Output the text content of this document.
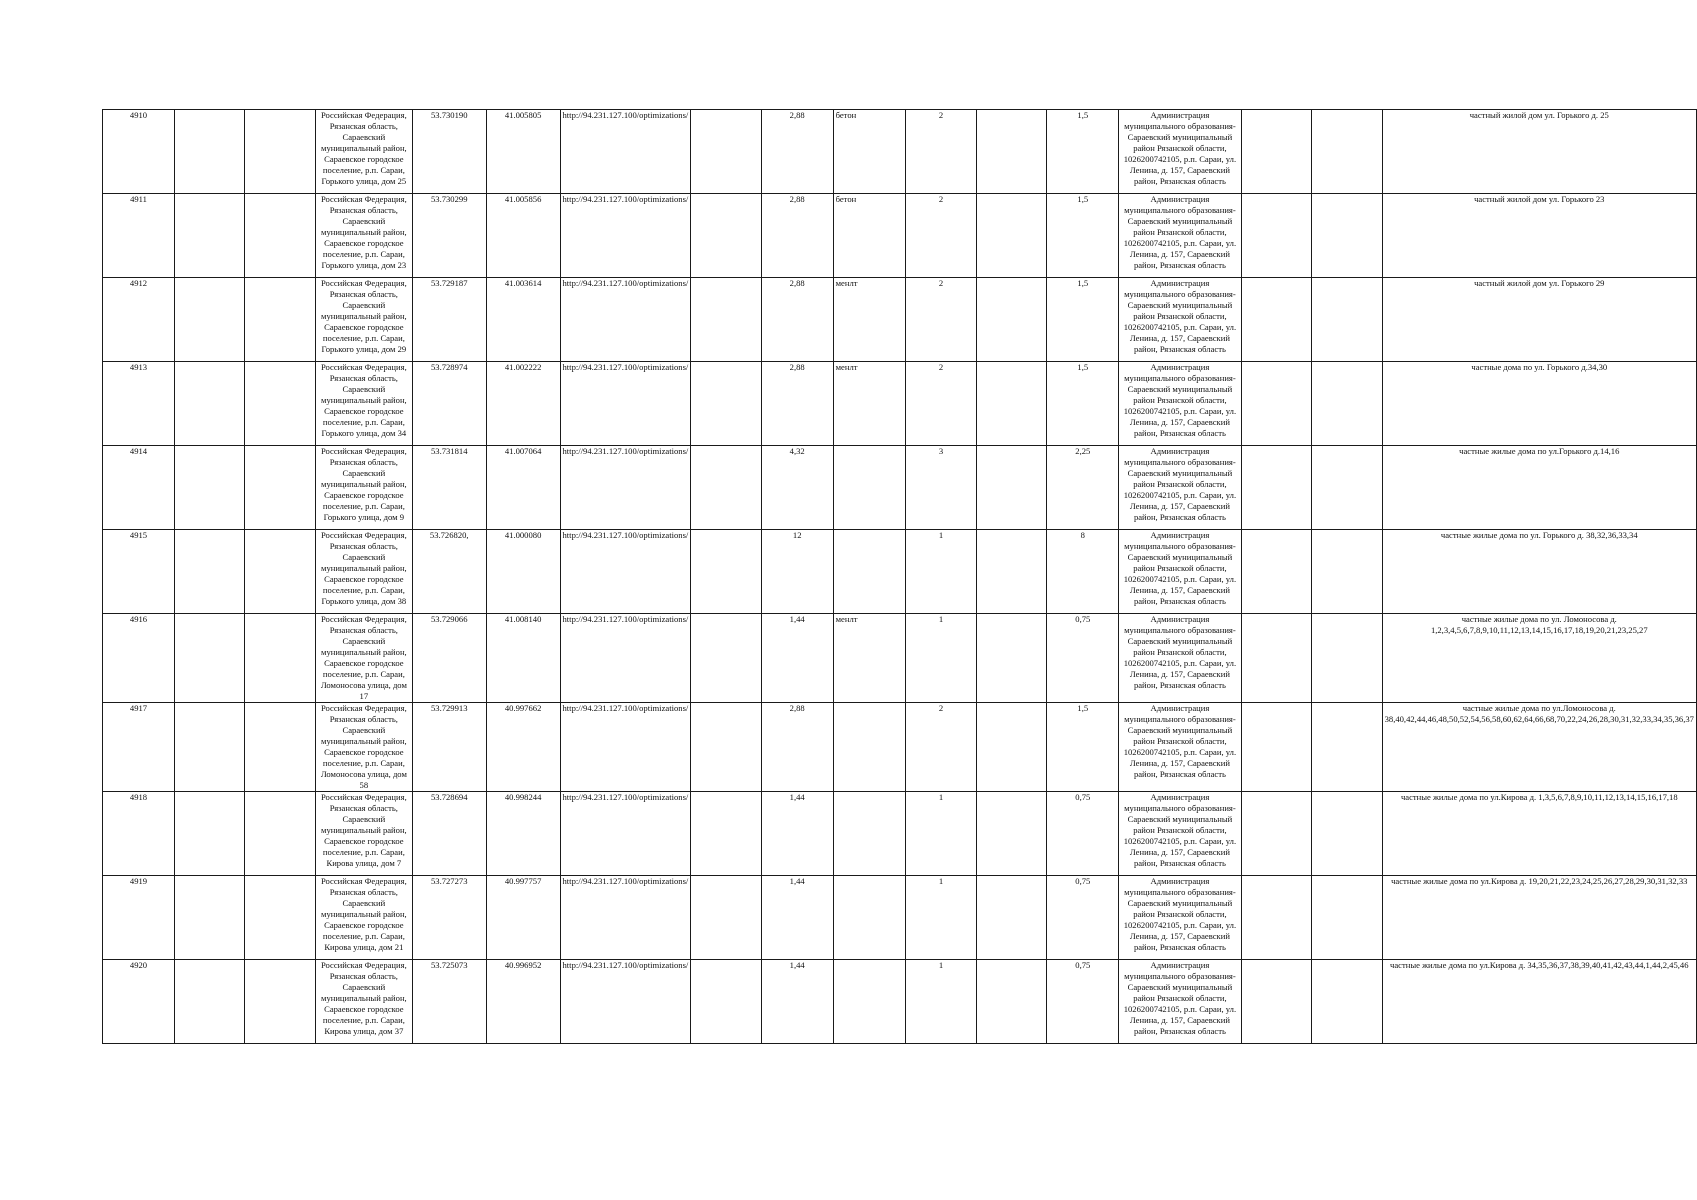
4910			Российская Федерация, Рязанская область, Сараевский муниципальный район, Сараевское городское поселение, р.п. Сараи, Горького улица, дом 25	53.730190	41.005805	http://94.231.127.100/optimizations/		2,88	бетон	2		1,5	Администрация муниципального образования-Сараевский муниципальный район Рязанской области, 1026200742105, р.п. Сараи, ул. Ленина, д. 157, Сараевский район, Рязанская область			частный жилой дом ул. Горького д. 25
4911			Российская Федерация, Рязанская область, Сараевский муниципальный район, Сараевское городское поселение, р.п. Сараи, Горького улица, дом 23	53.730299	41.005856	http://94.231.127.100/optimizations/		2,88	бетон	2		1,5	Администрация муниципального образования-Сараевский муниципальный район Рязанской области, 1026200742105, р.п. Сараи, ул. Ленина, д. 157, Сараевский район, Рязанская область			частный жилой дом ул. Горького 23
4912			Российская Федерация, Рязанская область, Сараевский муниципальный район, Сараевское городское поселение, р.п. Сараи, Горького улица, дом 29	53.729187	41.003614	http://94.231.127.100/optimizations/		2,88	менлт	2		1,5	Администрация муниципального образования-Сараевский муниципальный район Рязанской области, 1026200742105, р.п. Сараи, ул. Ленина, д. 157, Сараевский район, Рязанская область			частный жилой дом ул. Горького 29
4913			Российская Федерация, Рязанская область, Сараевский муниципальный район, Сараевское городское поселение, р.п. Сараи, Горького улица, дом 34	53.728974	41.002222	http://94.231.127.100/optimizations/		2,88	менлт	2		1,5	Администрация муниципального образования-Сараевский муниципальный район Рязанской области, 1026200742105, р.п. Сараи, ул. Ленина, д. 157, Сараевский район, Рязанская область			частные дома по ул. Горького д.34,30
4914			Российская Федерация, Рязанская область, Сараевский муниципальный район, Сараевское городское поселение, р.п. Сараи, Горького улица, дом 9	53.731814	41.007064	http://94.231.127.100/optimizations/		4,32		3		2,25	Администрация муниципального образования-Сараевский муниципальный район Рязанской области, 1026200742105, р.п. Сараи, ул. Ленина, д. 157, Сараевский район, Рязанская область			частные жилые дома по ул.Горького д.14,16
4915			Российская Федерация, Рязанская область, Сараевский муниципальный район, Сараевское городское поселение, р.п. Сараи, Горького улица, дом 38	53.726820,	41.000080	http://94.231.127.100/optimizations/		12		1		8	Администрация муниципального образования-Сараевский муниципальный район Рязанской области, 1026200742105, р.п. Сараи, ул. Ленина, д. 157, Сараевский район, Рязанская область			частные жилые дома по ул. Горького д. 38,32,36,33,34
4916			Российская Федерация, Рязанская область, Сараевский муниципальный район, Сараевское городское поселение, р.п. Сараи, Ломоносова улица, дом 17	53.729066	41.008140	http://94.231.127.100/optimizations/		1,44	менлт	1		0,75	Администрация муниципального образования-Сараевский муниципальный район Рязанской области, 1026200742105, р.п. Сараи, ул. Ленина, д. 157, Сараевский район, Рязанская область			частные жилые дома по ул. Ломоносова д. 1,2,3,4,5,6,7,8,9,10,11,12,13,14,15,16,17,18,19,20,21,23,25,27
4917			Российская Федерация, Рязанская область, Сараевский муниципальный район, Сараевское городское поселение, р.п. Сараи, Ломоносова улица, дом 58	53.729913	40.997662	http://94.231.127.100/optimizations/		2,88		2		1,5	Администрация муниципального образования-Сараевский муниципальный район Рязанской области, 1026200742105, р.п. Сараи, ул. Ленина, д. 157, Сараевский район, Рязанская область			частные жилые дома по ул.Ломоносова д. 38,40,42,44,46,48,50,52,54,56,58,60,62,64,66,68,70,22,24,26,28,30,31,32,33,34,35,36,37
4918			Российская Федерация, Рязанская область, Сараевский муниципальный район, Сараевское городское поселение, р.п. Сараи, Кирова улица, дом 7	53.728694	40.998244	http://94.231.127.100/optimizations/		1,44		1		0,75	Администрация муниципального образования-Сараевский муниципальный район Рязанской области, 1026200742105, р.п. Сараи, ул. Ленина, д. 157, Сараевский район, Рязанская область			частные жилые дома по ул.Кирова д. 1,3,5,6,7,8,9,10,11,12,13,14,15,16,17,18
4919			Российская Федерация, Рязанская область, Сараевский муниципальный район, Сараевское городское поселение, р.п. Сараи, Кирова улица, дом 21	53.727273	40.997757	http://94.231.127.100/optimizations/		1,44		1		0,75	Администрация муниципального образования-Сараевский муниципальный район Рязанской области, 1026200742105, р.п. Сараи, ул. Ленина, д. 157, Сараевский район, Рязанская область			частные жилые дома по ул.Кирова д. 19,20,21,22,23,24,25,26,27,28,29,30,31,32,33
4920			Российская Федерация, Рязанская область, Сараевский муниципальный район, Сараевское городское поселение, р.п. Сараи, Кирова улица, дом 37	53.725073	40.996952	http://94.231.127.100/optimizations/		1,44		1		0,75	Администрация муниципального образования-Сараевский муниципальный район Рязанской области, 1026200742105, р.п. Сараи, ул. Ленина, д. 157, Сараевский район, Рязанская область			частные жилые дома по ул.Кирова д. 34,35,36,37,38,39,40,41,42,43,44,1,44,2,45,46
